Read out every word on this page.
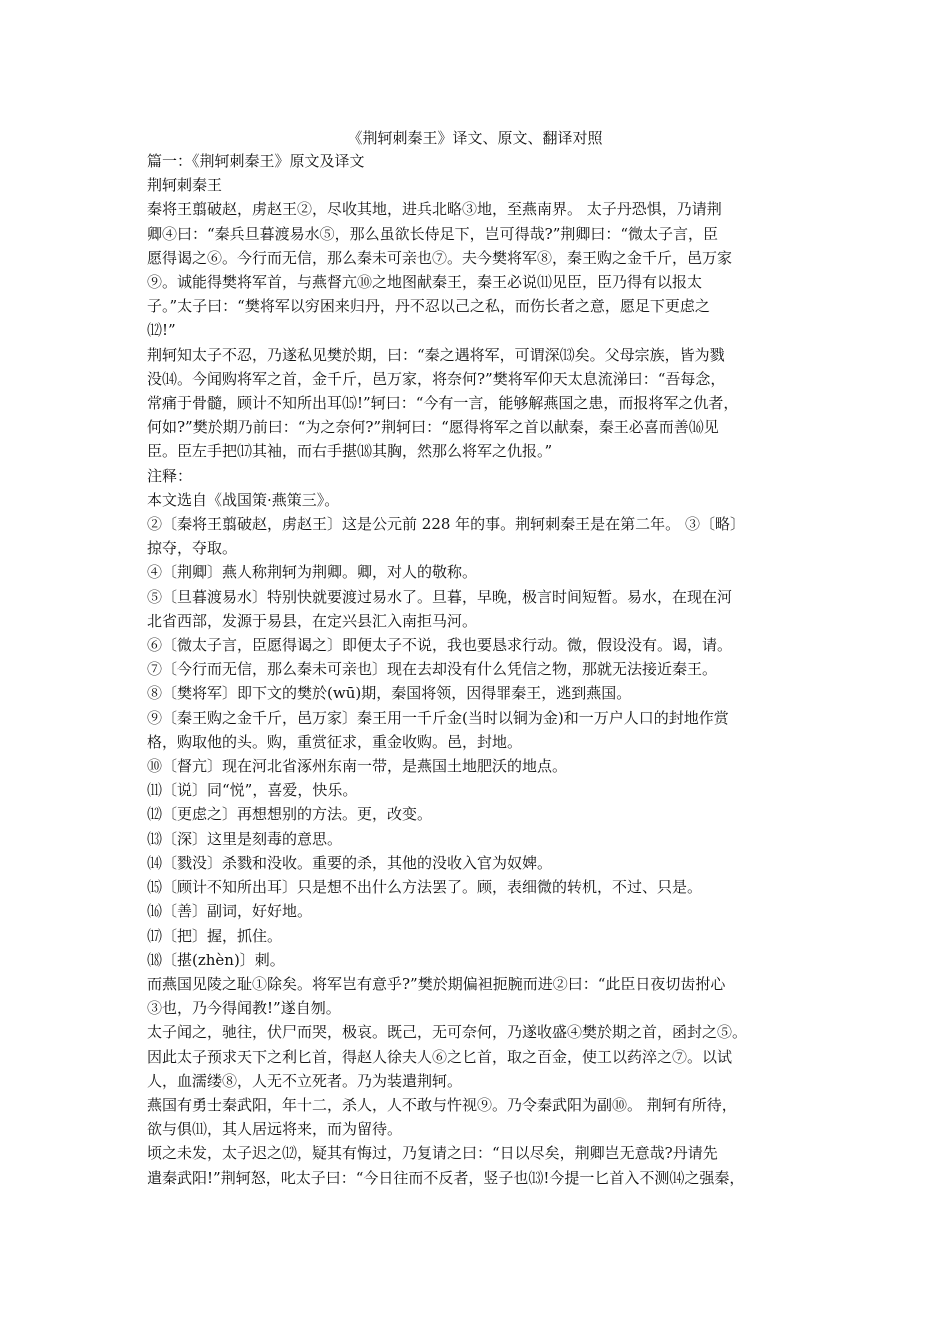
《荆轲刺秦王》译文、原文、翻译对照

篇一：《荆轲刺秦王》原文及译文

荆轲刺秦王

秦将王翦破赵，虏赵王②，尽收其地，进兵北略③地，至燕南界。 太子丹恐惧，乃请荆
卿④曰：“秦兵旦暮渡易水⑤，那么虽欲长侍足下，岂可得哉?”荆卿曰：“微太子言，臣
愿得谒之⑥。今行而无信，那么秦未可亲也⑦。夫今樊将军⑧，秦王购之金千斤，邑万家
⑨。诚能得樊将军首，与燕督亢⑩之地图献秦王，秦王必说⑾见臣，臣乃得有以报太
子。”太子曰：“樊将军以穷困来归丹，丹不忍以己之私，而伤长者之意，愿足下更虑之
⑿!”

荆轲知太子不忍，乃遂私见樊於期，曰：“秦之遇将军，可谓深⒀矣。父母宗族，皆为戮
没⒁。今闻购将军之首，金千斤，邑万家，将奈何?”樊将军仰天太息流涕曰：“吾每念，
常痛于骨髓，顾计不知所出耳⒂!”轲曰：“今有一言，能够解燕国之患，而报将军之仇者，
何如?”樊於期乃前曰：“为之奈何?”荆轲曰：“愿得将军之首以献秦，秦王必喜而善⒃见
臣。臣左手把⒄其袖，而右手揕⒅其胸，然那么将军之仇报。”

注释：

本文选自《战国策·燕策三》。

②〔秦将王翦破赵，虏赵王〕这是公元前 228 年的事。荆轲刺秦王是在第二年。 ③〔略〕
掠夺，夺取。

④〔荆卿〕燕人称荆轲为荆卿。卿，对人的敬称。

⑤〔旦暮渡易水〕特别快就要渡过易水了。旦暮，早晚，极言时间短暂。易水，在现在河
北省西部，发源于易县，在定兴县汇入南拒马河。

⑥〔微太子言，臣愿得谒之〕即便太子不说，我也要恳求行动。微，假设没有。谒，请。

⑦〔今行而无信，那么秦未可亲也〕现在去却没有什么凭信之物，那就无法接近秦王。

⑧〔樊将军〕即下文的樊於(wū)期，秦国将领，因得罪秦王，逃到燕国。

⑨〔秦王购之金千斤，邑万家〕秦王用一千斤金(当时以铜为金)和一万户人口的封地作赏
格，购取他的头。购，重赏征求，重金收购。邑，封地。

⑩〔督亢〕现在河北省涿州东南一带，是燕国土地肥沃的地点。

⑾〔说〕同“悦”，喜爱，快乐。

⑿〔更虑之〕再想想别的方法。更，改变。

⒀〔深〕这里是刻毒的意思。

⒁〔戮没〕杀戮和没收。重要的杀，其他的没收入官为奴婢。

⒂〔顾计不知所出耳〕只是想不出什么方法罢了。顾，表细微的转机，不过、只是。

⒃〔善〕副词，好好地。

⒄〔把〕握，抓住。

⒅〔揕(zhèn)〕刺。

而燕国见陵之耻①除矣。将军岂有意乎?”樊於期偏袒扼腕而进②曰：“此臣日夜切齿拊心
③也，乃今得闻教!”遂自刎。

太子闻之，驰往，伏尸而哭，极哀。既己，无可奈何，乃遂收盛④樊於期之首，函封之⑤。
因此太子预求天下之利匕首，得赵人徐夫人⑥之匕首，取之百金，使工以药淬之⑦。以试
人，血濡缕⑧，人无不立死者。乃为装遣荆轲。

燕国有勇士秦武阳，年十二，杀人，人不敢与忤视⑨。乃令秦武阳为副⑩。 荆轲有所待，
欲与俱⑾，其人居远将来，而为留待。

顷之未发，太子迟之⑿，疑其有悔过，乃复请之曰：“日以尽矣，荆卿岂无意哉?丹请先
遣秦武阳!”荆轲怒，叱太子曰：“今日往而不反者，竖子也⒀!今提一匕首入不测⒁之强秦，
